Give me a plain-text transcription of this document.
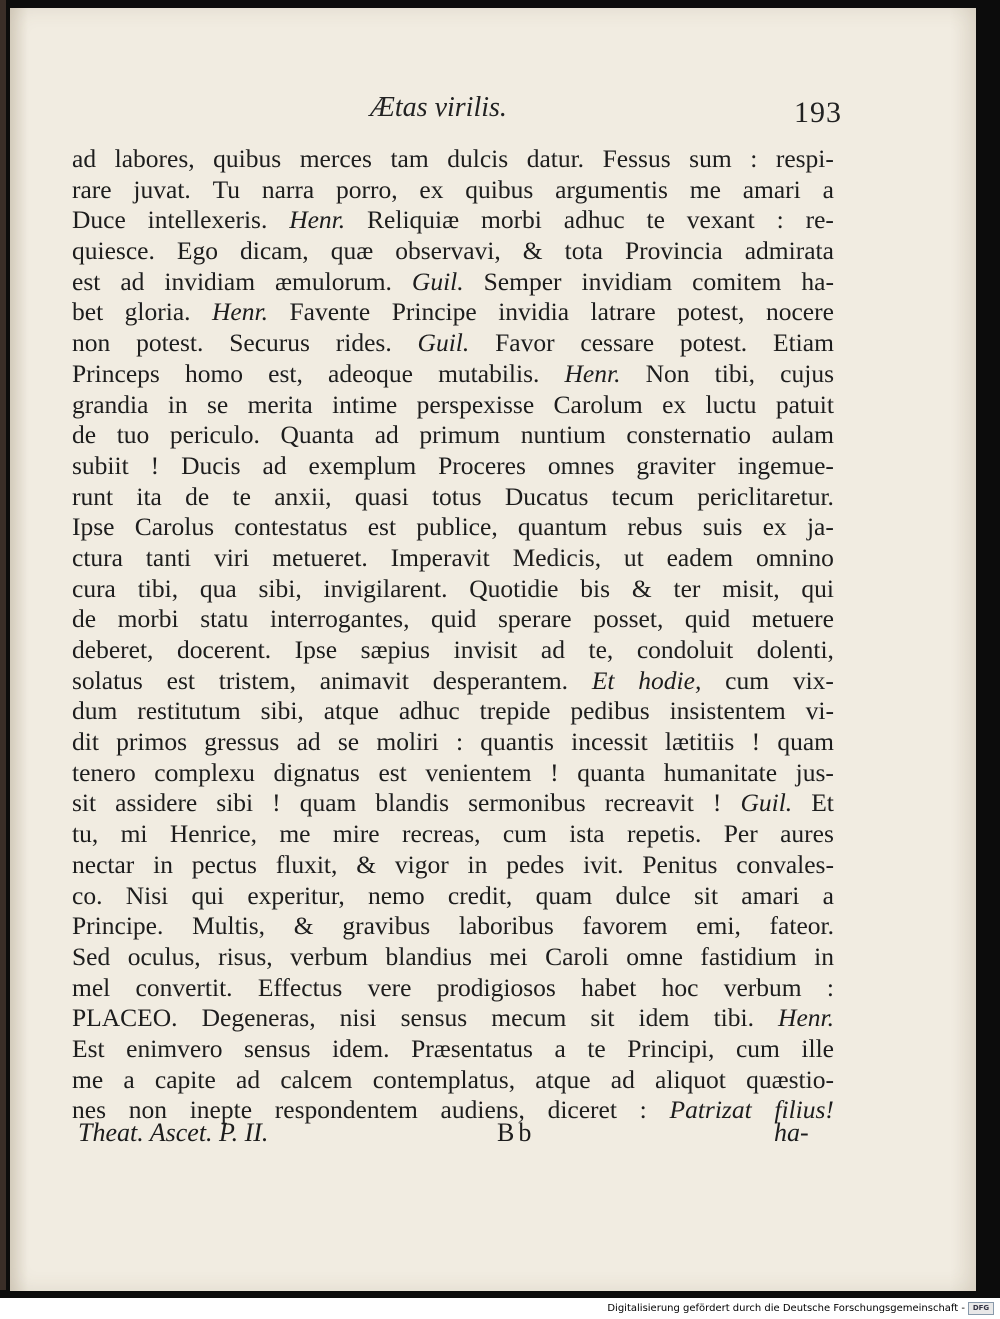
Ætas virilis.	193
ad labores, quibus merces tam dulcis datur. Fessus sum : respi-
rare juvat. Tu narra porro, ex quibus argumentis me amari a
Duce intellexeris. Henr. Reliquiæ morbi adhuc te vexant : re-
quiesce. Ego dicam, quæ observavi, & tota Provincia admirata
est ad invidiam æmulorum. Guil. Semper invidiam comitem ha-
bet gloria. Henr. Favente Principe invidia latrare potest, nocere
non potest. Securus rides. Guil. Favor cessare potest. Etiam
Princeps homo est, adeoque mutabilis. Henr. Non tibi, cujus
grandia in se merita intime perspexisse Carolum ex luctu patuit
de tuo periculo. Quanta ad primum nuntium consternatio aulam
subiit ! Ducis ad exemplum Proceres omnes graviter ingemue-
runt ita de te anxii, quasi totus Ducatus tecum periclitaretur.
Ipse Carolus contestatus est publice, quantum rebus suis ex ja-
ctura tanti viri metueret. Imperavit Medicis, ut eadem omnino
cura tibi, qua sibi, invigilarent. Quotidie bis & ter misit, qui
de morbi statu interrogantes, quid sperare posset, quid metuere
deberet, docerent. Ipse sæpius invisit ad te, condoluit dolenti,
solatus est tristem, animavit desperantem. Et hodie, cum vix-
dum restitutum sibi, atque adhuc trepide pedibus insistentem vi-
dit primos gressus ad se moliri : quantis incessit lætitiis ! quam
tenero complexu dignatus est venientem ! quanta humanitate jus-
sit assidere sibi ! quam blandis sermonibus recreavit ! Guil. Et
tu, mi Henrice, me mire recreas, cum ista repetis. Per aures
nectar in pectus fluxit, & vigor in pedes ivit. Penitus convales-
co. Nisi qui experitur, nemo credit, quam dulce sit amari a
Principe. Multis, & gravibus laboribus favorem emi, fateor.
Sed oculus, risus, verbum blandius mei Caroli omne fastidium in
mel convertit. Effectus vere prodigiosos habet hoc verbum :
PLACEO. Degeneras, nisi sensus mecum sit idem tibi. Henr.
Est enimvero sensus idem. Præsentatus a te Principi, cum ille
me a capite ad calcem contemplatus, atque ad aliquot quæstio-
nes non inepte respondentem audiens, diceret : Patrizat filius!
Theat. Ascet. P. II.	Bb	ha-
Digitalisierung gefördert durch die Deutsche Forschungsgemeinschaft -	DFG
